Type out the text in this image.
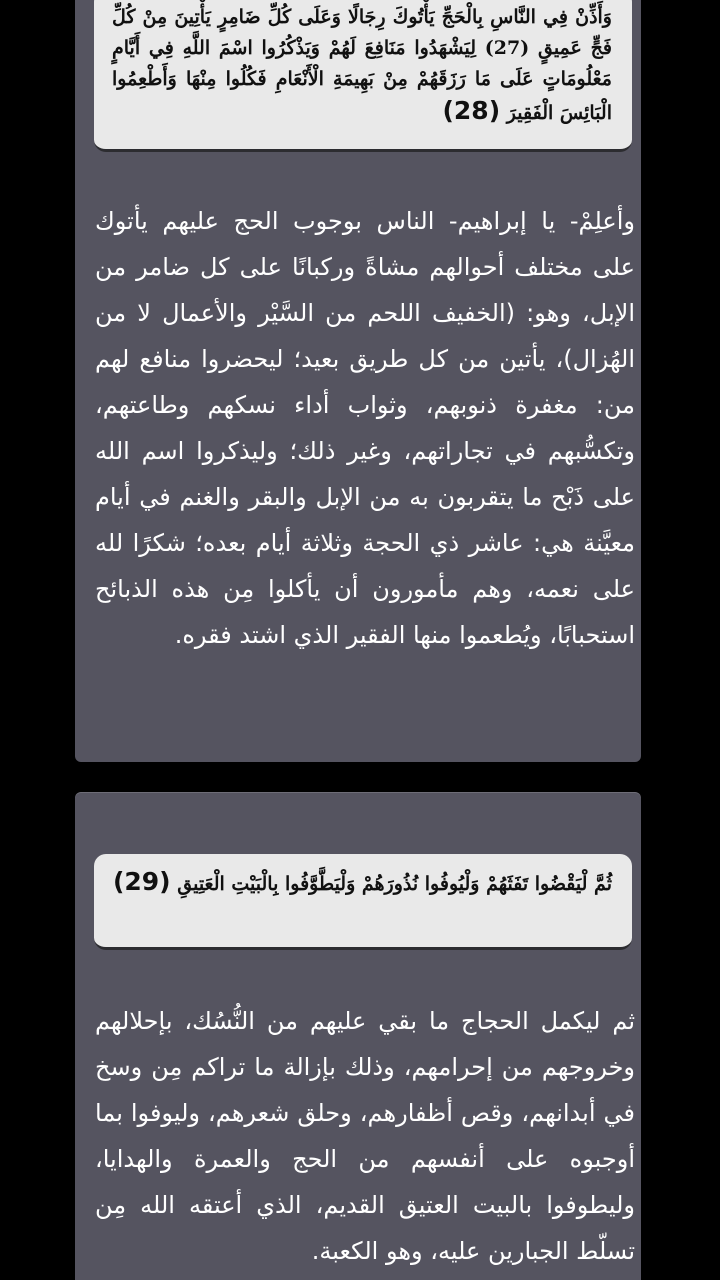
وَأَذِّنْ فِي النَّاسِ بِالْحَجِّ يَأْتُوكَ رِجَالًا وَعَلَى كُلِّ ضَامِرٍ يَأْتِينَ مِنْ كُلِّ فَجٍّ عَمِيقٍ (27) لِيَشْهَدُوا مَنَافِعَ لَهُمْ وَيَذْكُرُوا اسْمَ اللَّهِ فِي أَيَّامٍ مَعْلُومَاتٍ عَلَى مَا رَزَقَهُمْ مِنْ بَهِيمَةِ الْأَنْعَامِ فَكُلُوا مِنْهَا وَأَطْعِمُوا الْبَائِسَ الْفَقِيرَ (28)

وأعلِمْ- يا إبراهيم- الناس بوجوب الحج عليهم يأتوك على مختلف أحوالهم مشاةً وركبانًا على كل ضامر من الإبل، وهو: (الخفيف اللحم من السَّيْر والأعمال لا من الهُزال)، يأتين من كل طريق بعيد؛ ليحضروا منافع لهم من: مغفرة ذنوبهم، وثواب أداء نسكهم وطاعتهم، وتكسُّبهم في تجاراتهم، وغير ذلك؛ وليذكروا اسم الله على ذَبْح ما يتقربون به من الإبل والبقر والغنم في أيام معيَّنة هي: عاشر ذي الحجة وثلاثة أيام بعده؛ شكرًا لله على نعمه، وهم مأمورون أن يأكلوا مِن هذه الذبائح استحبابًا، ويُطعموا منها الفقير الذي اشتد فقره.

ثُمَّ لْيَقْضُوا تَفَثَهُمْ وَلْيُوفُوا نُذُورَهُمْ وَلْيَطَّوَّفُوا بِالْبَيْتِ الْعَتِيقِ (29)

ثم ليكمل الحجاج ما بقي عليهم من النُّسُك، بإحلالهم وخروجهم من إحرامهم، وذلك بإزالة ما تراكم مِن وسخ في أبدانهم، وقص أظفارهم، وحلق شعرهم، وليوفوا بما أوجبوه على أنفسهم من الحج والعمرة والهدايا، وليطوفوا بالبيت العتيق القديم، الذي أعتقه الله مِن تسلّط الجبارين عليه، وهو الكعبة.
